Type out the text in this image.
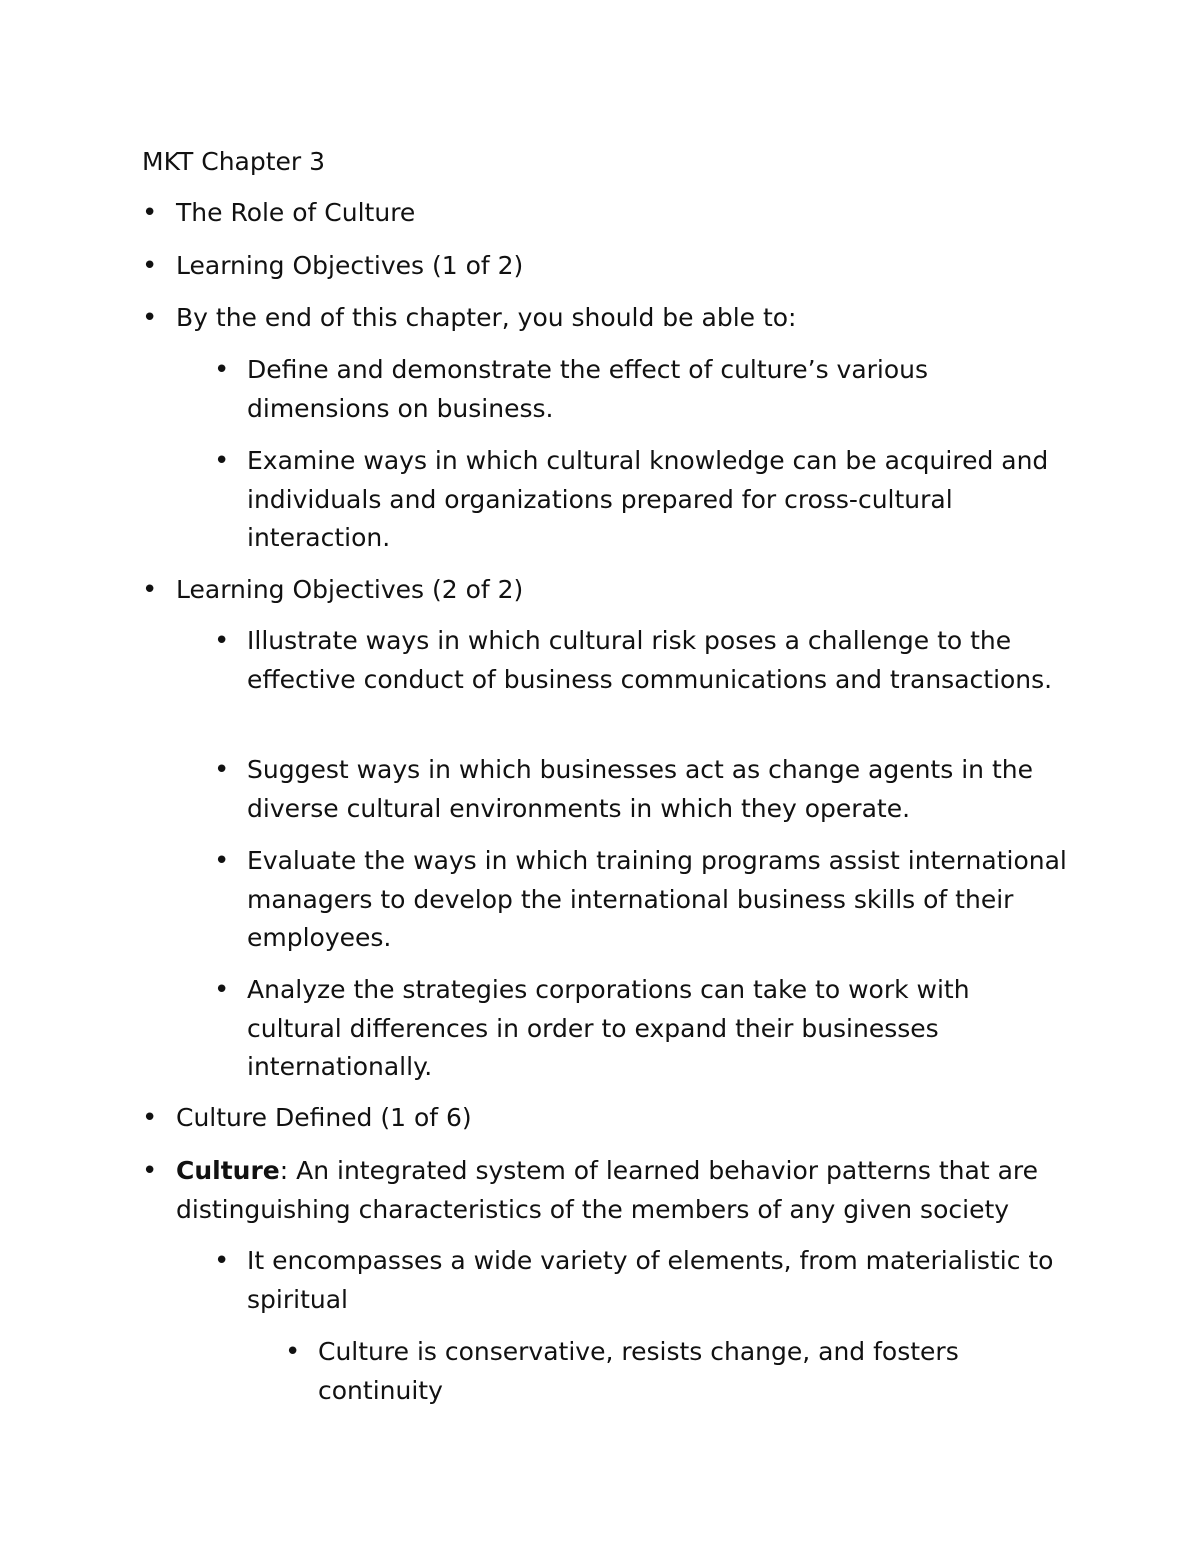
MKT Chapter 3

• The Role of Culture

• Learning Objectives (1 of 2)

• By the end of this chapter, you should be able to:

• Define and demonstrate the effect of culture’s various dimensions on business.

• Examine ways in which cultural knowledge can be acquired and individuals and organizations prepared for cross-cultural interaction.

• Learning Objectives (2 of 2)

• Illustrate ways in which cultural risk poses a challenge to the effective conduct of business communications and transactions.

• Suggest ways in which businesses act as change agents in the diverse cultural environments in which they operate.

• Evaluate the ways in which training programs assist international managers to develop the international business skills of their employees.

• Analyze the strategies corporations can take to work with cultural differences in order to expand their businesses internationally.

• Culture Defined (1 of 6)

• Culture: An integrated system of learned behavior patterns that are distinguishing characteristics of the members of any given society

• It encompasses a wide variety of elements, from materialistic to spiritual

• Culture is conservative, resists change, and fosters continuity
